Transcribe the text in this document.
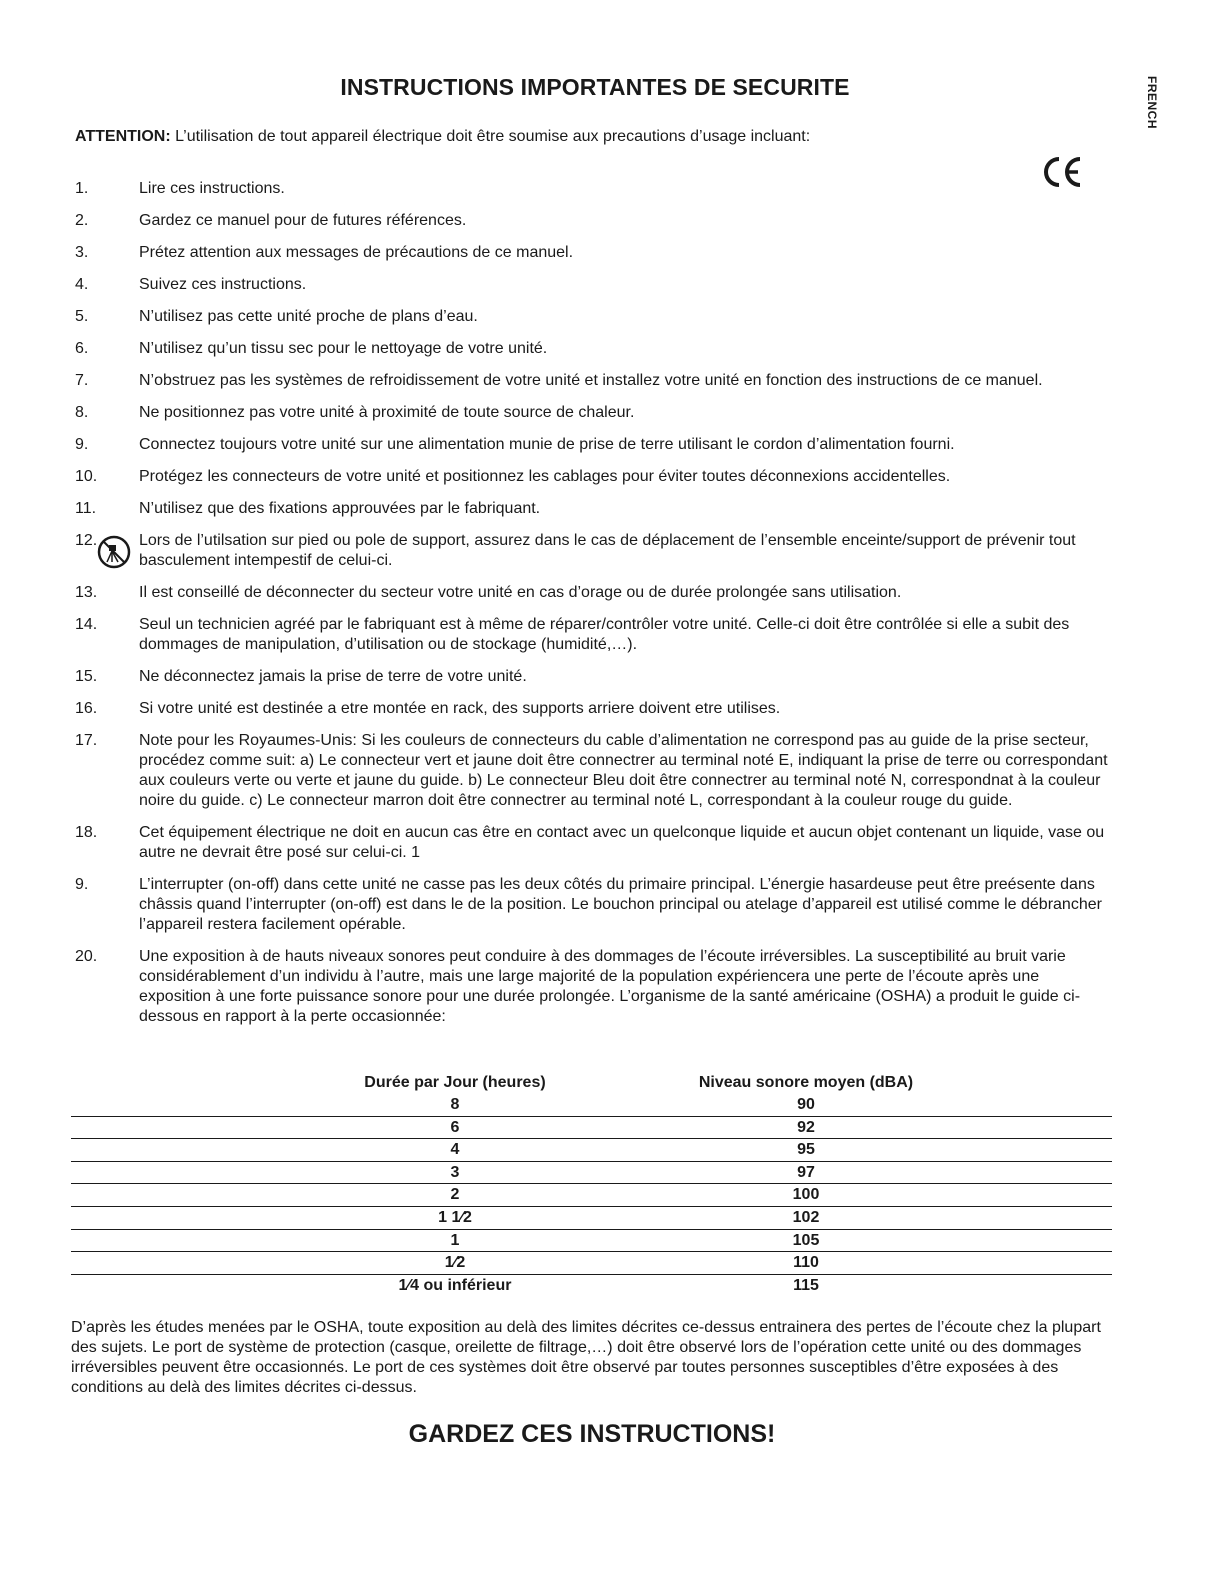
INSTRUCTIONS IMPORTANTES DE SECURITE	FRENCH
ATTENTION: L’utilisation de tout appareil électrique doit être soumise aux precautions d’usage incluant:
1.	Lire ces instructions.
2.	Gardez ce manuel pour de futures références.
3.	Prétez attention aux messages de précautions de ce manuel.
4.	Suivez ces instructions.
5.	N’utilisez pas cette unité proche de plans d’eau.
6.	N’utilisez qu’un tissu sec pour le nettoyage de votre unité.
7.	N’obstruez pas les systèmes de refroidissement de votre unité et installez votre unité en fonction des instructions de ce manuel.
8.	Ne positionnez pas votre unité à proximité de toute source de chaleur.
9.	Connectez toujours votre unité sur une alimentation munie de prise de terre utilisant le cordon d’alimentation fourni.
10.	Protégez les connecteurs de votre unité et positionnez les cablages pour éviter toutes déconnexions accidentelles.
11.	N’utilisez que des fixations approuvées par le fabriquant.
12.	Lors de l’utilsation sur pied ou pole de support, assurez dans le cas de déplacement de l’ensemble enceinte/support de prévenir tout basculement intempestif de celui-ci.
13.	Il est conseillé de déconnecter du secteur votre unité en cas d’orage ou de durée prolongée sans utilisation.
14.	Seul un technicien agréé par le fabriquant est à même de réparer/contrôler votre unité. Celle-ci doit être contrôlée si elle a subit des dommages de manipulation, d’utilisation ou de stockage (humidité,…).
15.	Ne déconnectez jamais la prise de terre de votre unité.
16.	Si votre unité est destinée a etre montée en rack, des supports arriere doivent etre utilises.
17.	Note pour les Royaumes-Unis: Si les couleurs de connecteurs du cable d’alimentation ne correspond pas au guide de la prise secteur, procédez comme suit: a) Le connecteur vert et jaune doit être connectrer au terminal noté E, indiquant la prise de terre ou correspondant aux couleurs verte ou verte et jaune du guide. b) Le connecteur Bleu doit être connectrer au terminal noté N, correspondnat à la couleur noire du guide. c) Le connecteur marron doit être connectrer au terminal noté L, correspondant à la couleur rouge du guide.
18.	Cet équipement électrique ne doit en aucun cas être en contact avec un quelconque liquide et aucun objet contenant un liquide, vase ou autre ne devrait être posé sur celui-ci. 1
9.	L’interrupter (on-off) dans cette unité ne casse pas les deux côtés du primaire principal. L’énergie hasardeuse peut être preésente dans châssis quand l’interrupter (on-off) est dans le de la position. Le bouchon principal ou atelage d’appareil est utilisé comme le débrancher l’appareil restera facilement opérable.
20.	Une exposition à de hauts niveaux sonores peut conduire à des dommages de l’écoute irréversibles. La susceptibilité au bruit varie considérablement d’un individu à l’autre, mais une large majorité de la population expériencera une perte de l’écoute après une exposition à une forte puissance sonore pour une durée prolongée. L’organisme de la santé américaine (OSHA) a produit le guide ci-dessous en rapport à la perte occasionnée:
Durée par Jour (heures)	Niveau sonore moyen (dBA)
8	90
6	92
4	95
3	97
2	100
1 1⁄2	102
1	105
1⁄2	110
1⁄4 ou inférieur	115
D’après les études menées par le OSHA, toute exposition au delà des limites décrites ce-dessus entrainera des pertes de l’écoute chez la plupart des sujets. Le port de système de protection (casque, oreilette de filtrage,…) doit être observé lors de l’opération cette unité ou des dommages irréversibles peuvent être occasionnés. Le port de ces systèmes doit être observé par toutes personnes susceptibles d’être exposées à des conditions au delà des limites décrites ci-dessus.
GARDEZ CES INSTRUCTIONS!
